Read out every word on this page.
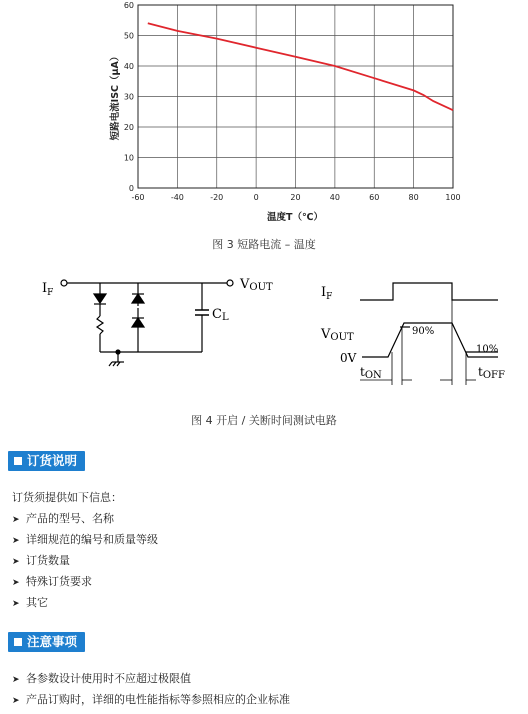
-60	-40	-20	0	20	40	60	80	100
0
10
20
30
40
50
60
短路电流ISC（μA）
温度T（℃）
图 3 短路电流 – 温度
$I_F$
VOUT
CL
$I_F$
VOUT
0V
90%
10%
tON	tOFF
图 4 开启 / 关断时间测试电路
订货说明
订货须提供如下信息：
➤ 产品的型号、名称
➤ 详细规范的编号和质量等级
➤ 订货数量
➤ 特殊订货要求
➤ 其它
注意事项
➤ 各参数设计使用时不应超过极限值
➤ 产品订购时，详细的电性能指标等参照相应的企业标准
